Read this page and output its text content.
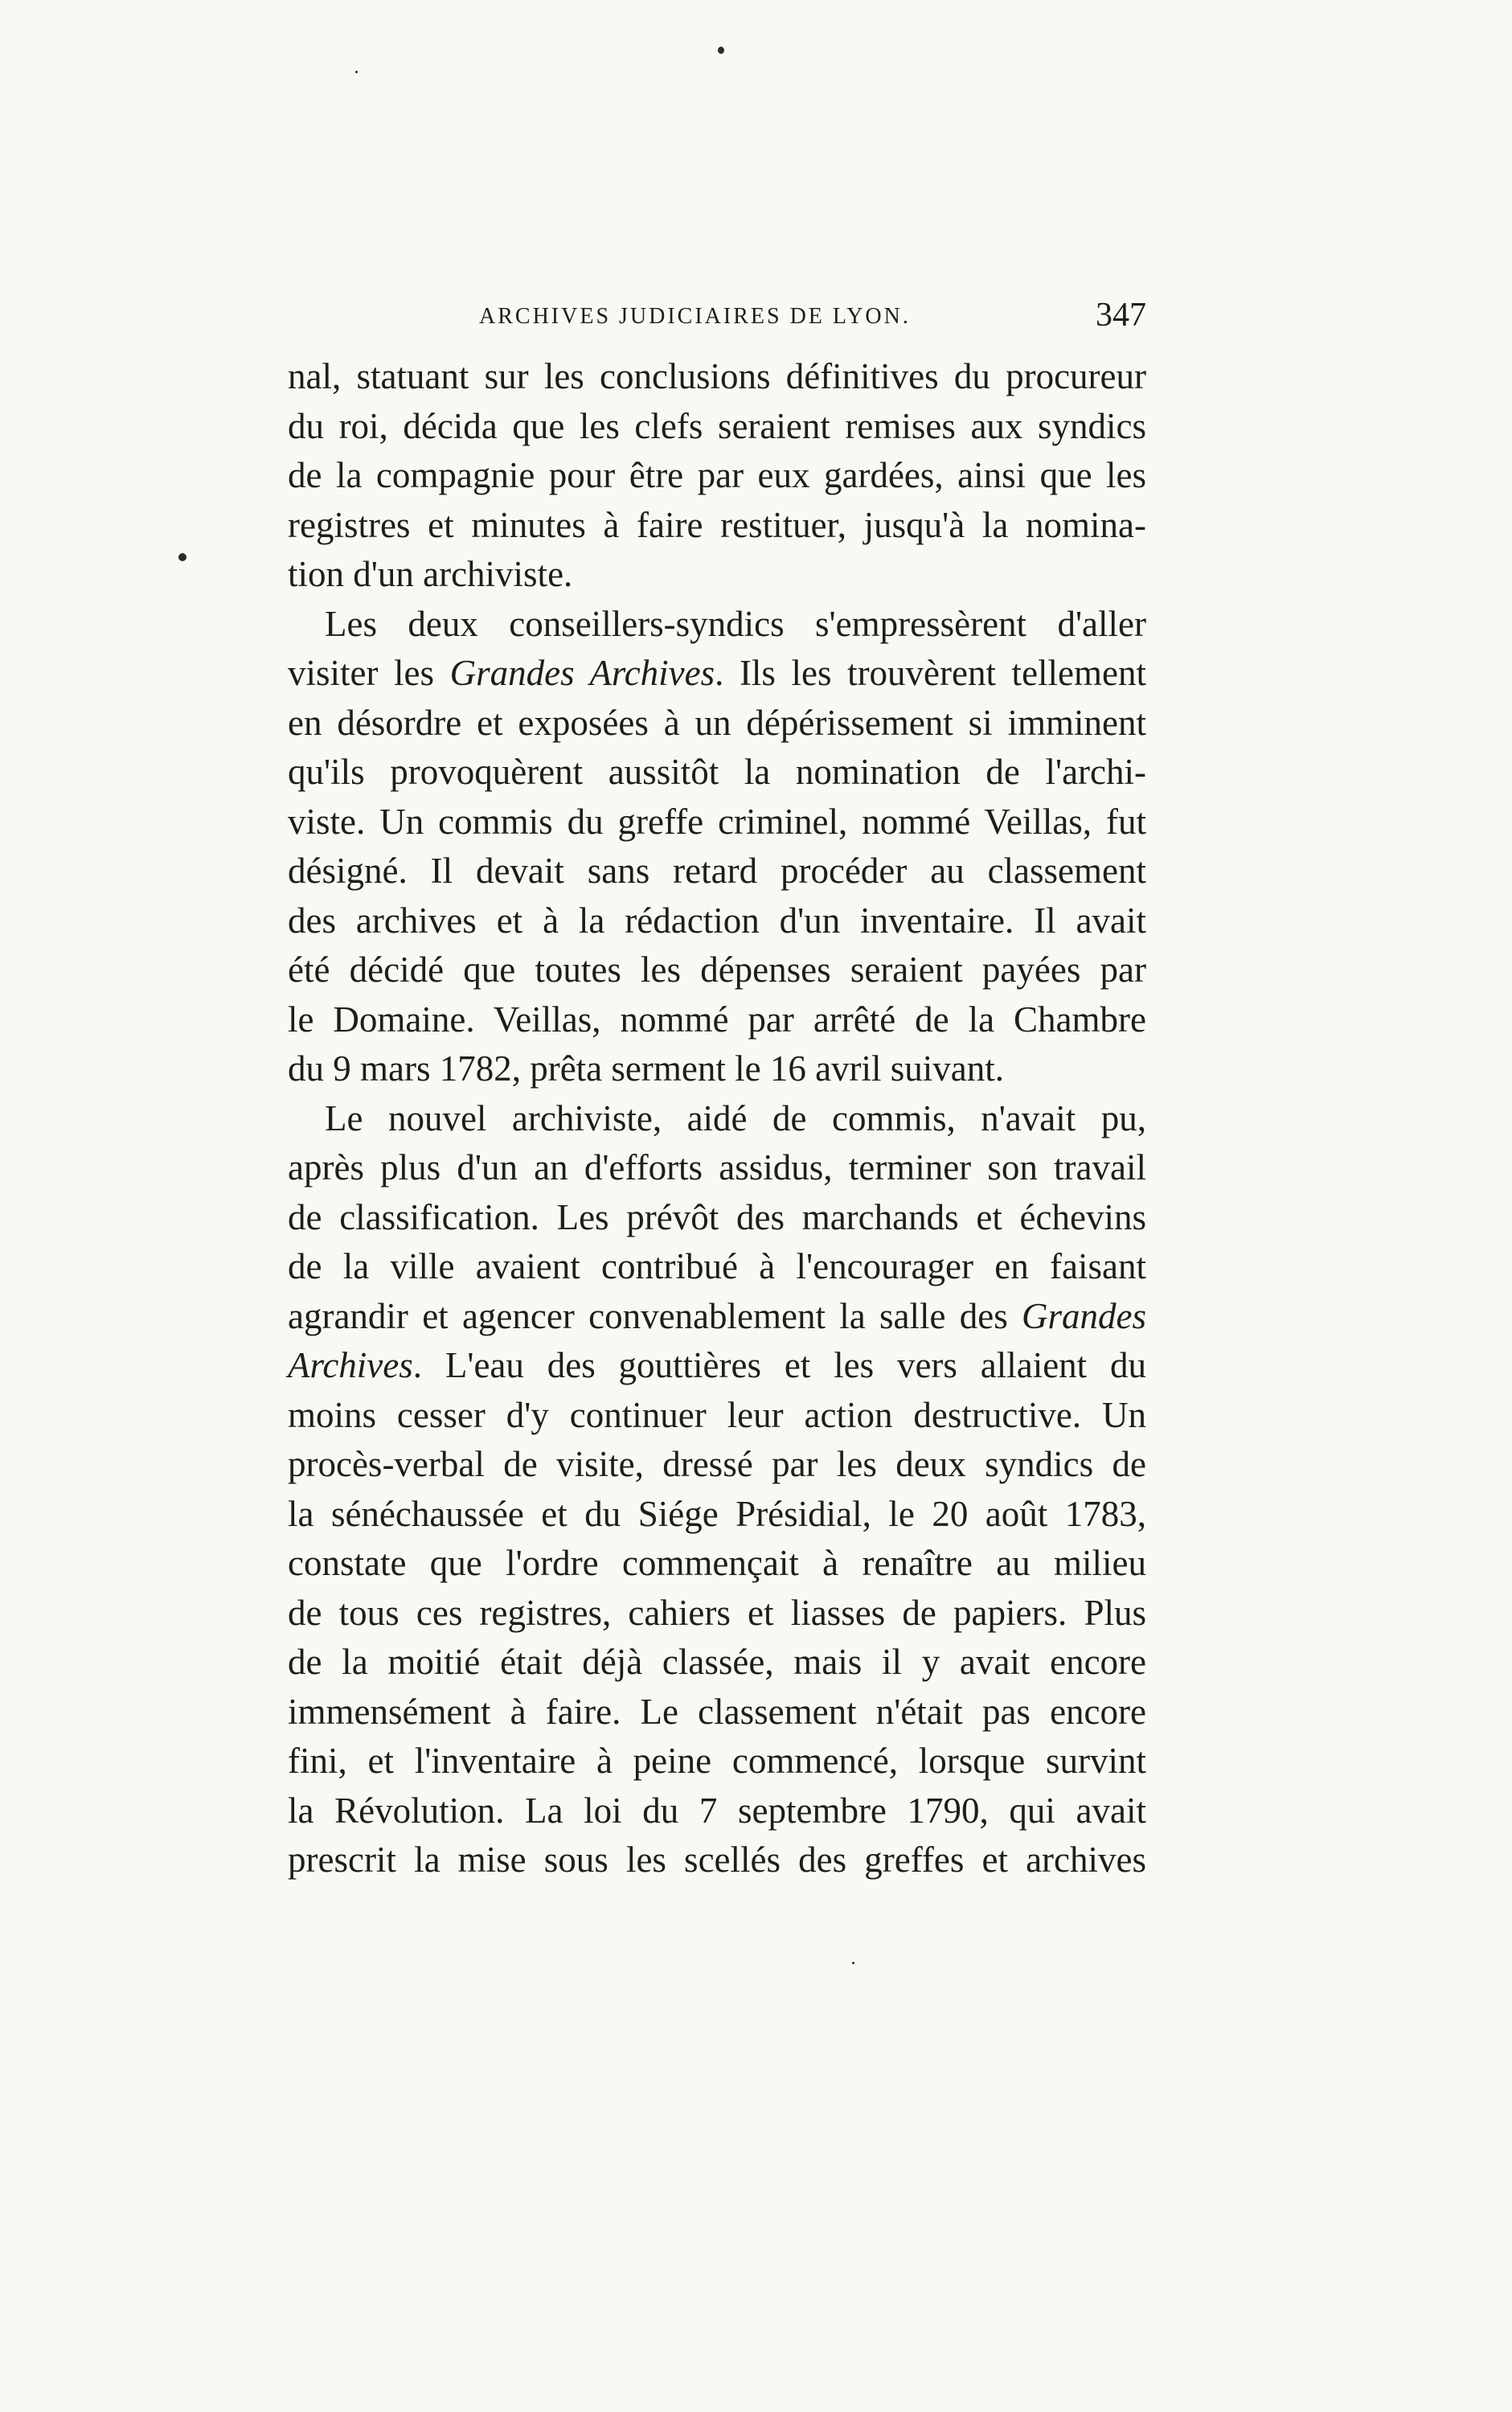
ARCHIVES JUDICIAIRES DE LYON.	347
nal, statuant sur les conclusions définitives du procureur
du roi, décida que les clefs seraient remises aux syndics
de la compagnie pour être par eux gardées, ainsi que les
registres et minutes à faire restituer, jusqu'à la nomina-
tion d'un archiviste.
Les deux conseillers-syndics s'empressèrent d'aller
visiter les Grandes Archives. Ils les trouvèrent tellement
en désordre et exposées à un dépérissement si imminent
qu'ils provoquèrent aussitôt la nomination de l'archi-
viste. Un commis du greffe criminel, nommé Veillas, fut
désigné. Il devait sans retard procéder au classement
des archives et à la rédaction d'un inventaire. Il avait
été décidé que toutes les dépenses seraient payées par
le Domaine. Veillas, nommé par arrêté de la Chambre
du 9 mars 1782, prêta serment le 16 avril suivant.
Le nouvel archiviste, aidé de commis, n'avait pu,
après plus d'un an d'efforts assidus, terminer son travail
de classification. Les prévôt des marchands et échevins
de la ville avaient contribué à l'encourager en faisant
agrandir et agencer convenablement la salle des Grandes
Archives. L'eau des gouttières et les vers allaient du
moins cesser d'y continuer leur action destructive. Un
procès-verbal de visite, dressé par les deux syndics de
la sénéchaussée et du Siége Présidial, le 20 août 1783,
constate que l'ordre commençait à renaître au milieu
de tous ces registres, cahiers et liasses de papiers. Plus
de la moitié était déjà classée, mais il y avait encore
immensément à faire. Le classement n'était pas encore
fini, et l'inventaire à peine commencé, lorsque survint
la Révolution. La loi du 7 septembre 1790, qui avait
prescrit la mise sous les scellés des greffes et archives
